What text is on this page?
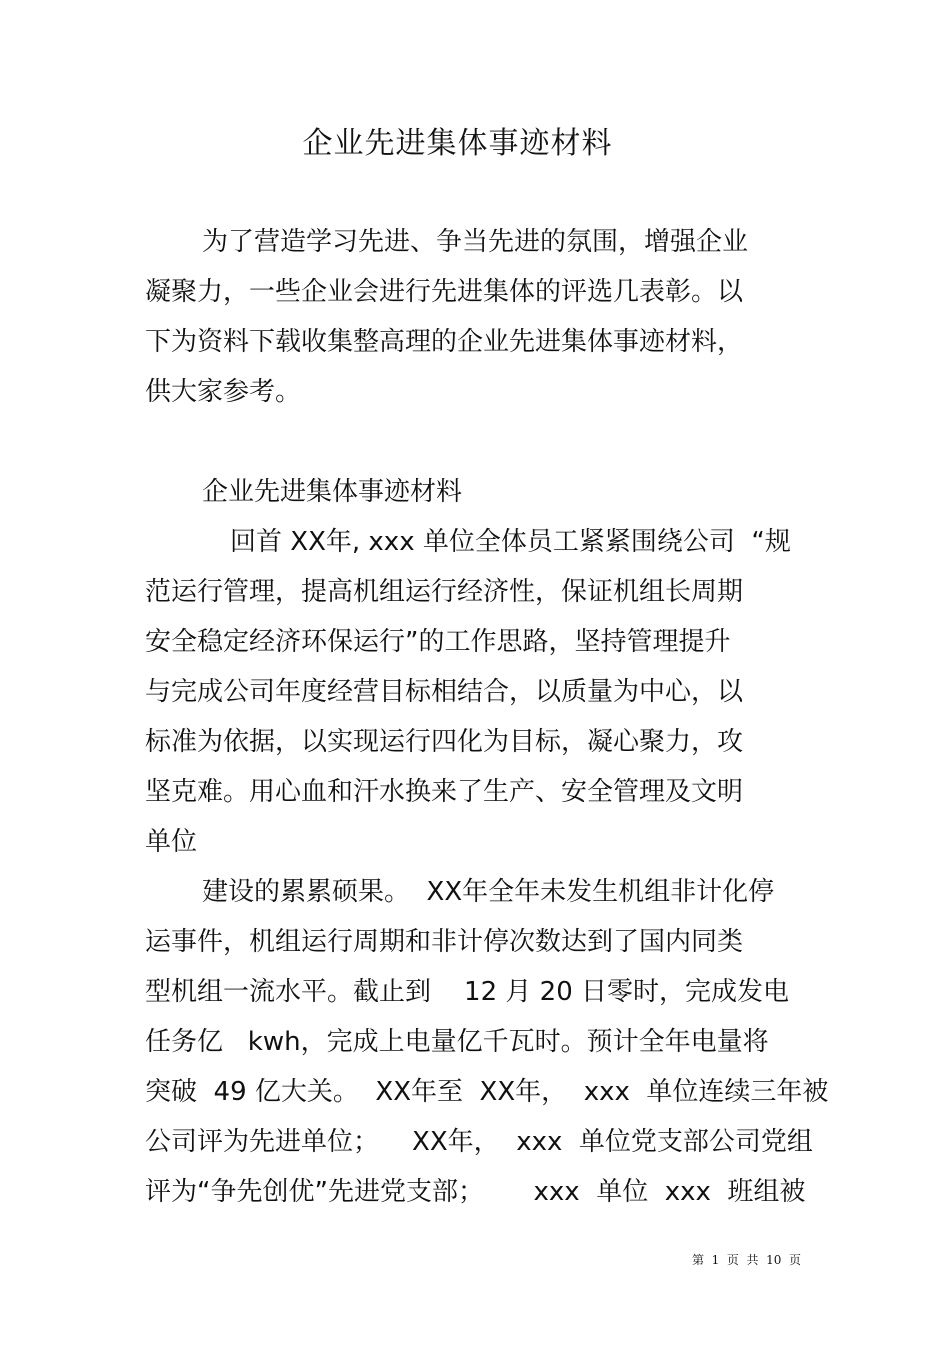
企业先进集体事迹材料
为了营造学习先进、争当先进的氛围，增强企业
凝聚力，一些企业会进行先进集体的评选几表彰。以
下为资料下载收集整高理的企业先进集体事迹材料，
供大家参考。
企业先进集体事迹材料
回首 XX年, xxx 单位全体员工紧紧围绕公司  “规
范运行管理，提高机组运行经济性，保证机组长周期
安全稳定经济环保运行”的工作思路，坚持管理提升
与完成公司年度经营目标相结合，以质量为中心，以
标准为依据，以实现运行四化为目标，凝心聚力，攻
坚克难。用心血和汗水换来了生产、安全管理及文明
单位
建设的累累硕果。  XX年全年未发生机组非计化停
运事件，机组运行周期和非计停次数达到了国内同类
型机组一流水平。截止到    12 月 20 日零时，完成发电
任务亿   kwh，完成上电量亿千瓦时。预计全年电量将
突破  49 亿大关。  XX年至  XX年，  xxx  单位连续三年被
公司评为先进单位；    XX年，  xxx  单位党支部公司党组
评为“争先创优”先进党支部；      xxx  单位  xxx  班组被
第  1  页  共  10  页
